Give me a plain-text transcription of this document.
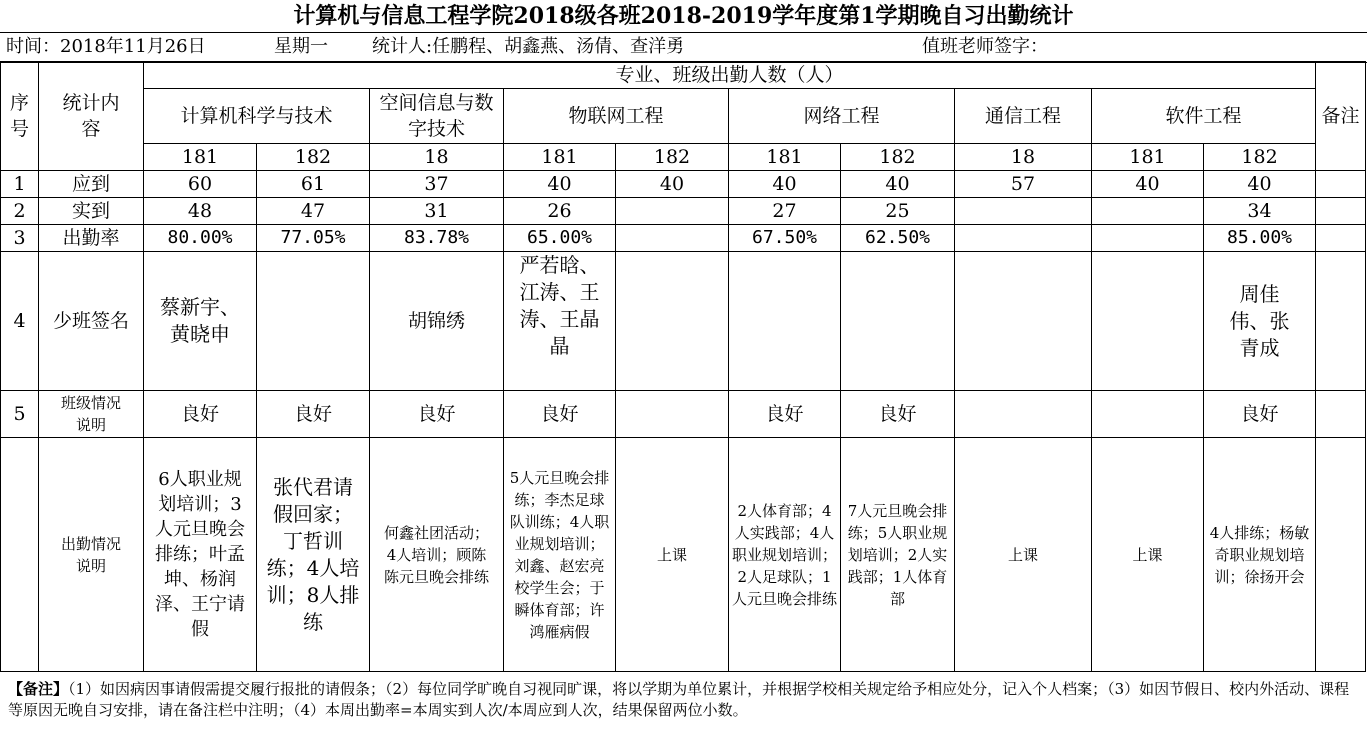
计算机与信息工程学院2018级各班2018-2019学年度第1学期晚自习出勤统计
时间：2018年11月26日	星期一 统计人:任鹏程、胡鑫燕、汤倩、查洋勇	值班老师签字：
序号	统计内容	专业、班级出勤人数（人）										备注
		计算机科学与技术		空间信息与数字技术	物联网工程		网络工程		通信工程	软件工程		
		181	182	18	181	182	181	182	18	181	182	
1	应到	60	61	37	40	40	40	40	57	40	40	
2	实到	48	47	31	26		27	25			34	
3	出勤率	80.00%	77.05%	83.78%	65.00%		67.50%	62.50%			85.00%	
4	少班签名	蔡新宇、黄晓申		胡锦绣	严若晗、江涛、王涛、王晶晶						周佳伟、张青成	
5	班级情况说明	良好	良好	良好	良好		良好	良好			良好	
	出勤情况说明	6人职业规划培训；3人元旦晚会排练；叶孟坤、杨润泽、王宁请假	张代君请假回家；丁哲训练；4人培训；8人排练	何鑫社团活动；4人培训；顾陈陈元旦晚会排练	5人元旦晚会排练；李杰足球队训练；4人职业规划培训；刘鑫、赵宏亮校学生会；于瞬体育部；许鸿雁病假	上课	2人体育部；4人实践部；4人职业规划培训；2人足球队；1人元旦晚会排练	7人元旦晚会排练；5人职业规划培训；2人实践部；1人体育部	上课	上课	4人排练；杨敏奇职业规划培训；徐扬开会	
【备注】（1）如因病因事请假需提交履行报批的请假条；（2）每位同学旷晚自习视同旷课，将以学期为单位累计，并根据学校相关规定给予相应处分，记入个人档案；（3）如因节假日、校内外活动、课程等原因无晚自习安排，请在备注栏中注明；（4）本周出勤率=本周实到人次/本周应到人次，结果保留两位小数。
